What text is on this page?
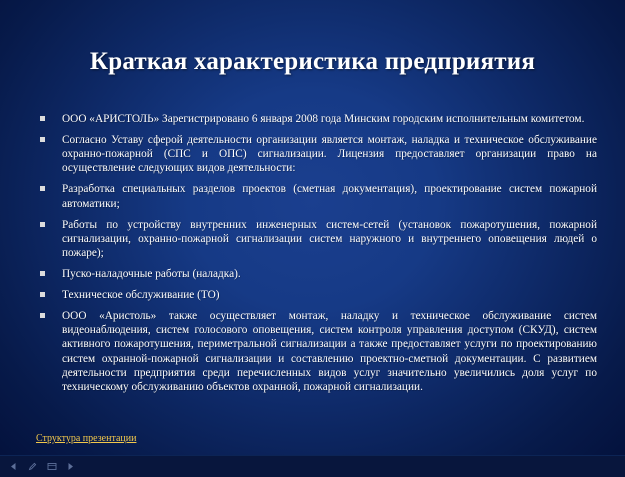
Краткая характеристика предприятия
ООО «АРИСТОЛЬ» Зарегистрировано 6 января 2008 года Минским городским исполнительным комитетом.
Согласно Уставу сферой деятельности организации является монтаж, наладка и техническое обслуживание охранно-пожарной (СПС и ОПС) сигнализации. Лицензия предоставляет организации право на осуществление следующих видов деятельности:
Разработка специальных разделов проектов (сметная документация), проектирование систем пожарной автоматики;
Работы по устройству внутренних инженерных систем-сетей (установок пожаротушения, пожарной сигнализации, охранно-пожарной сигнализации систем наружного и внутреннего оповещения людей о пожаре);
Пуско-наладочные работы (наладка).
Техническое обслуживание (ТО)
ООО «Аристоль» также осуществляет монтаж, наладку и техническое обслуживание систем видеонаблюдения, систем голосового оповещения, систем контроля управления доступом (СКУД), систем активного пожаротушения, периметральной сигнализации а также предоставляет услуги по проектированию систем охранной-пожарной сигнализации и составлению проектно-сметной документации. С развитием деятельности предприятия среди перечисленных видов услуг значительно увеличились доля услуг по техническому обслуживанию объектов охранной, пожарной сигнализации.
Структура презентации
